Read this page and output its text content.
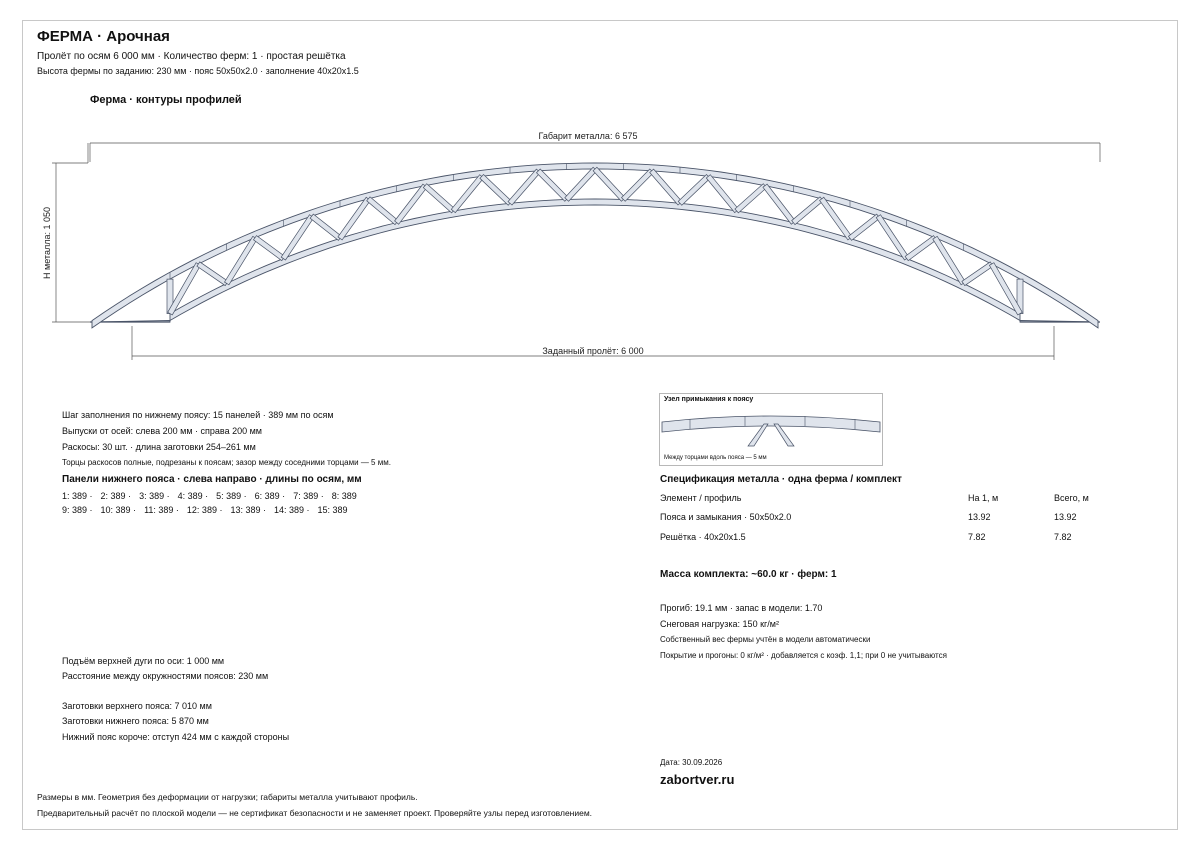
ФЕРМА · Арочная
Пролёт по осям 6 000 мм · Количество ферм: 1 · простая решётка
Высота фермы по заданию: 230 мм · пояс 50x50x2.0 · заполнение 40x20x1.5
Ферма · контуры профилей
Габарит металла: 6 575
Заданный пролёт: 6 000
H металла: 1 050
Шаг заполнения по нижнему поясу: 15 панелей · 389 мм по осям
Выпуски от осей: слева 200 мм · справа 200 мм
Раскосы: 30 шт. · длина заготовки 254–261 мм
Торцы раскосов полные, подрезаны к поясам; зазор между соседними торцами — 5 мм.
Панели нижнего пояса · слева направо · длины по осям, мм
1: 389 · 2: 389 · 3: 389 · 4: 389 · 5: 389 · 6: 389 · 7: 389 · 8: 389
9: 389 · 10: 389 · 11: 389 · 12: 389 · 13: 389 · 14: 389 · 15: 389
Подъём верхней дуги по оси: 1 000 мм
Расстояние между окружностями поясов: 230 мм
Заготовки верхнего пояса: 7 010 мм
Заготовки нижнего пояса: 5 870 мм
Нижний пояс короче: отступ 424 мм с каждой стороны
Узел примыкания к поясу
Между торцами вдоль пояса — 5 мм
Спецификация металла · одна ферма / комплект
Элемент / профиль	На 1, м	Всего, м
Пояса и замыкания · 50x50x2.0	13.92	13.92
Решётка · 40x20x1.5	7.82	7.82
Масса комплекта: ~60.0 кг · ферм: 1
Прогиб: 19.1 мм · запас в модели: 1.70
Снеговая нагрузка: 150 кг/м²
Собственный вес фермы учтён в модели автоматически
Покрытие и прогоны: 0 кг/м² · добавляется с коэф. 1,1; при 0 не учитываются
Дата: 30.09.2026
zabortver.ru
Размеры в мм. Геометрия без деформации от нагрузки; габариты металла учитывают профиль.
Предварительный расчёт по плоской модели — не сертификат безопасности и не заменяет проект. Проверяйте узлы перед изготовлением.
